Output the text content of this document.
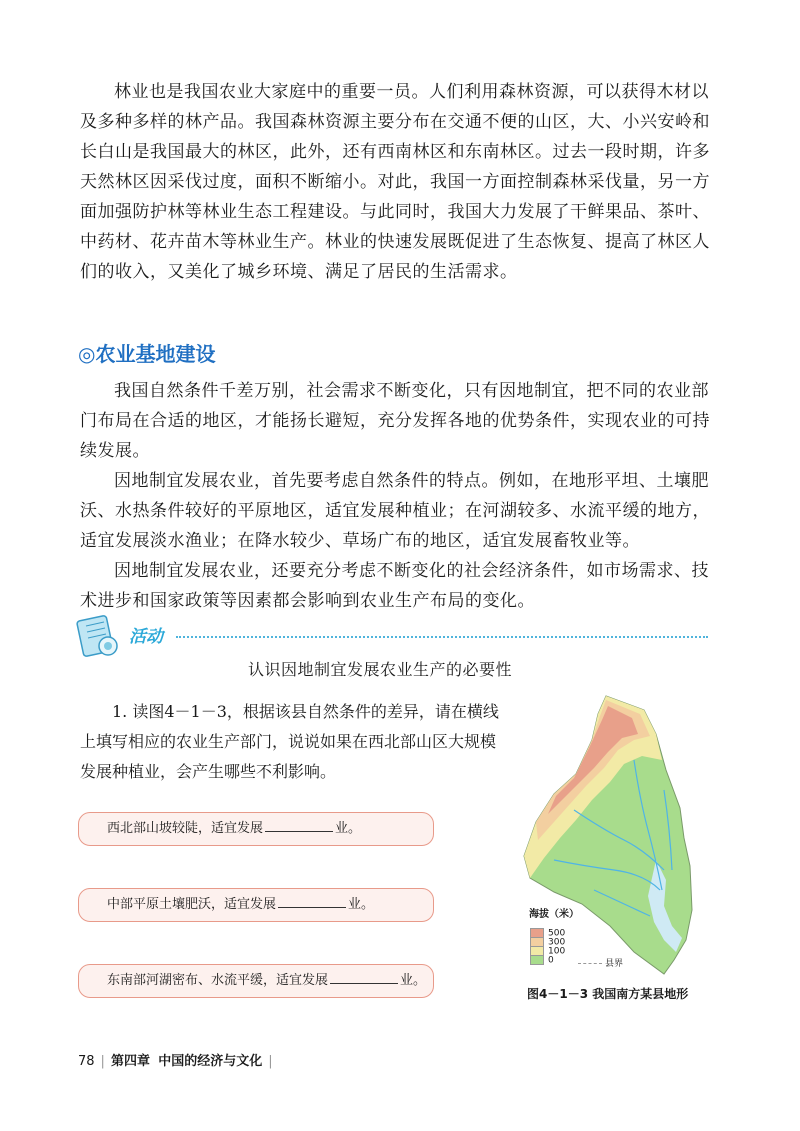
林业也是我国农业大家庭中的重要一员。人们利用森林资源，可以获得木材以及多种多样的林产品。我国森林资源主要分布在交通不便的山区，大、小兴安岭和长白山是我国最大的林区，此外，还有西南林区和东南林区。过去一段时期，许多天然林区因采伐过度，面积不断缩小。对此，我国一方面控制森林采伐量，另一方面加强防护林等林业生态工程建设。与此同时，我国大力发展了干鲜果品、茶叶、中药材、花卉苗木等林业生产。林业的快速发展既促进了生态恢复、提高了林区人们的收入，又美化了城乡环境、满足了居民的生活需求。

◎农业基地建设

我国自然条件千差万别，社会需求不断变化，只有因地制宜，把不同的农业部门布局在合适的地区，才能扬长避短，充分发挥各地的优势条件，实现农业的可持续发展。

因地制宜发展农业，首先要考虑自然条件的特点。例如，在地形平坦、土壤肥沃、水热条件较好的平原地区，适宜发展种植业；在河湖较多、水流平缓的地方，适宜发展淡水渔业；在降水较少、草场广布的地区，适宜发展畜牧业等。

因地制宜发展农业，还要充分考虑不断变化的社会经济条件，如市场需求、技术进步和国家政策等因素都会影响到农业生产布局的变化。

活动
认识因地制宜发展农业生产的必要性

1. 读图4－1－3，根据该县自然条件的差异，请在横线上填写相应的农业生产部门，说说如果在西北部山区大规模发展种植业，会产生哪些不利影响。

西北部山坡较陡，适宜发展	业。
中部平原土壤肥沃，适宜发展	业。
东南部河湖密布、水流平缓，适宜发展	业。
海拔（米）
500
300
100
0	县界
图4－1－3 我国南方某县地形
78 | 第四章 中国的经济与文化 |
